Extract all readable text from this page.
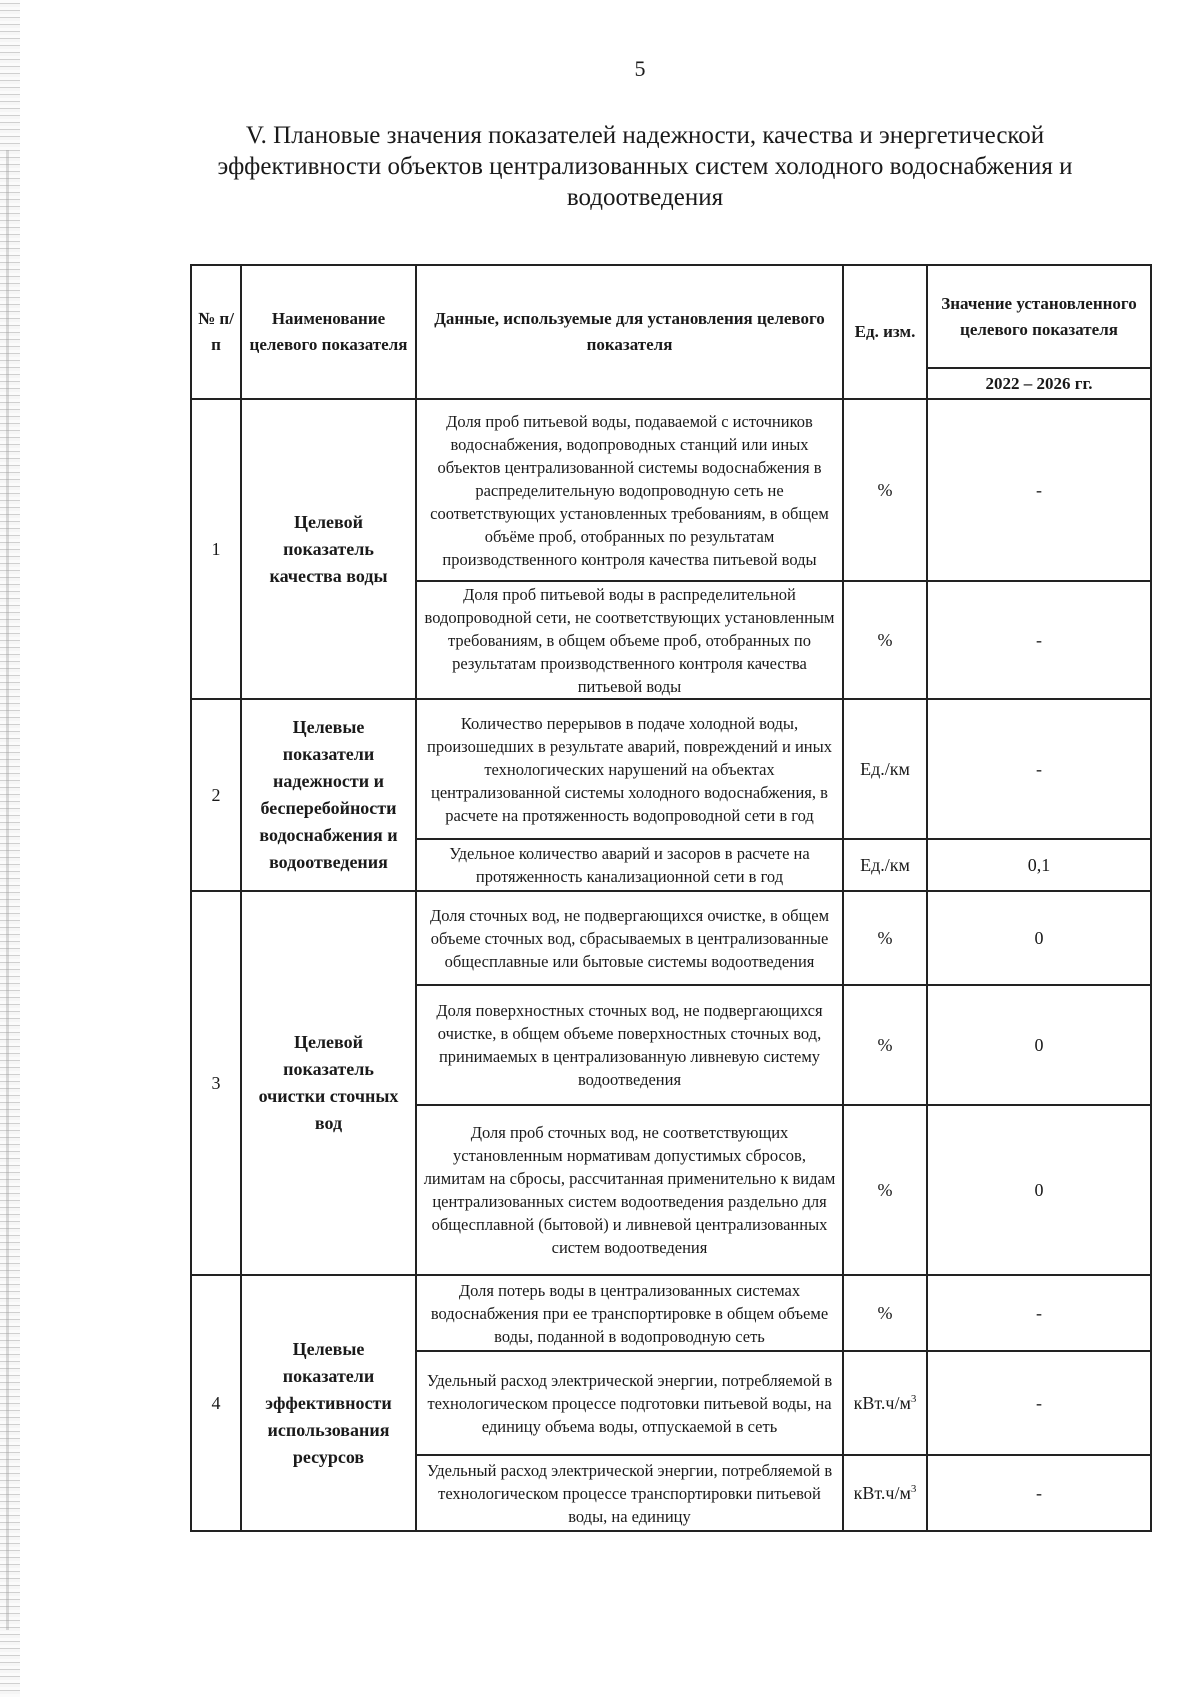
5
V. Плановые значения показателей надежности, качества и энергетической эффективности объектов централизованных систем холодного водоснабжения и водоотведения
№ п/п	Наименование целевого показателя	Данные, используемые для установления целевого показателя	Ед. изм.	Значение установленного целевого показателя
				2022 – 2026 гг.
1	Целевой показатель качества воды	Доля проб питьевой воды, подаваемой с источников водоснабжения, водопроводных станций или иных объектов централизованной системы водоснабжения в распределительную водопроводную сеть не соответствующих установленных требованиям, в общем объёме проб, отобранных по результатам производственного контроля качества питьевой воды	%	-
		Доля проб питьевой воды в распределительной водопроводной сети, не соответствующих установленным требованиям, в общем объеме проб, отобранных по результатам производственного контроля качества питьевой воды	%	-
2	Целевые показатели надежности и бесперебойности водоснабжения и водоотведения	Количество перерывов в подаче холодной воды, произошедших в результате аварий, повреждений и иных технологических нарушений на объектах централизованной системы холодного водоснабжения, в расчете на протяженность водопроводной сети в год	Ед./км	-
		Удельное количество аварий и засоров в расчете на протяженность канализационной сети в год	Ед./км	0,1
3	Целевой показатель очистки сточных вод	Доля сточных вод, не подвергающихся очистке, в общем объеме сточных вод, сбрасываемых в централизованные общесплавные или бытовые системы водоотведения	%	0
		Доля поверхностных сточных вод, не подвергающихся очистке, в общем объеме поверхностных сточных вод, принимаемых в централизованную ливневую систему водоотведения	%	0
		Доля проб сточных вод, не соответствующих установленным нормативам допустимых сбросов, лимитам на сбросы, рассчитанная применительно к видам централизованных систем водоотведения раздельно для общесплавной (бытовой) и ливневой централизованных систем водоотведения	%	0
4	Целевые показатели эффективности использования ресурсов	Доля потерь воды в централизованных системах водоснабжения при ее транспортировке в общем объеме воды, поданной в водопроводную сеть	%	-
		Удельный расход электрической энергии, потребляемой в технологическом процессе подготовки питьевой воды, на единицу объема воды, отпускаемой в сеть	$кВт.ч/м^3$	-
		Удельный расход электрической энергии, потребляемой в технологическом процессе транспортировки питьевой воды, на единицу	$кВт.ч/м^3$	-
